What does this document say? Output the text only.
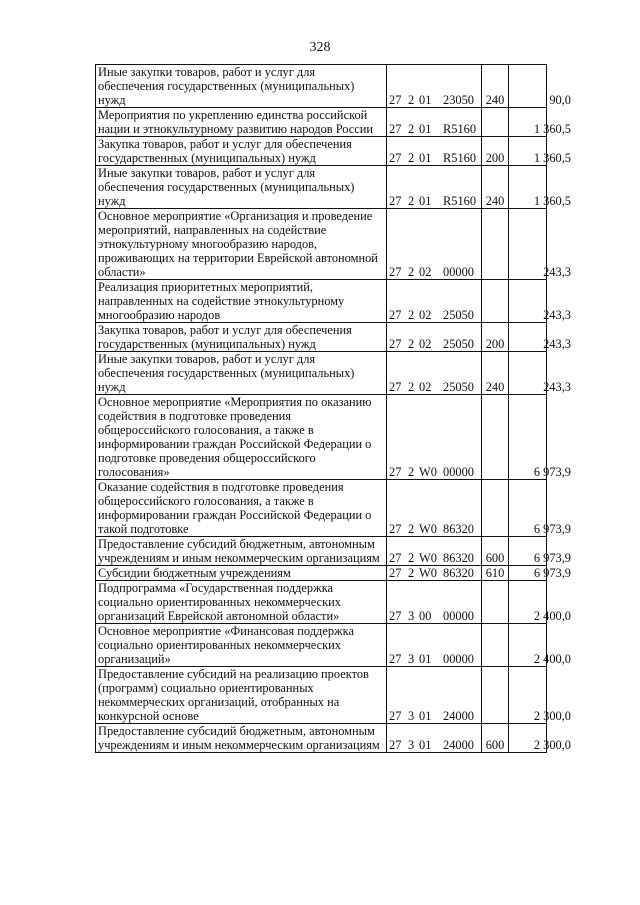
328
Иные закупки товаров, работ и услуг для обеспечения государственных (муниципальных) нужд	27 2 01 23050	240	90,0
Мероприятия по укреплению единства российской нации и этнокультурному развитию народов России	27 2 01 R5160		1 360,5
Закупка товаров, работ и услуг для обеспечения государственных (муниципальных) нужд	27 2 01 R5160	200	1 360,5
Иные закупки товаров, работ и услуг для обеспечения государственных (муниципальных) нужд	27 2 01 R5160	240	1 360,5
Основное мероприятие «Организация и проведение мероприятий, направленных на содействие этнокультурному многообразию народов, проживающих на территории Еврейской автономной области»	27 2 02 00000		243,3
Реализация приоритетных мероприятий, направленных на содействие этнокультурному многообразию народов	27 2 02 25050		243,3
Закупка товаров, работ и услуг для обеспечения государственных (муниципальных) нужд	27 2 02 25050	200	243,3
Иные закупки товаров, работ и услуг для обеспечения государственных (муниципальных) нужд	27 2 02 25050	240	243,3
Основное мероприятие «Мероприятия по оказанию содействия в подготовке проведения общероссийского голосования, а также в информировании граждан Российской Федерации о подготовке проведения общероссийского голосования»	27 2 W0 00000		6 973,9
Оказание содействия в подготовке проведения общероссийского голосования, а также в информировании граждан Российской Федерации о такой подготовке	27 2 W0 86320		6 973,9
Предоставление субсидий бюджетным, автономным учреждениям и иным некоммерческим организациям	27 2 W0 86320	600	6 973,9
Субсидии бюджетным учреждениям	27 2 W0 86320	610	6 973,9
Подпрограмма «Государственная поддержка социально ориентированных некоммерческих организаций Еврейской автономной области»	27 3 00 00000		2 400,0
Основное мероприятие «Финансовая поддержка социально ориентированных некоммерческих организаций»	27 3 01 00000		2 400,0
Предоставление субсидий на реализацию проектов (программ) социально ориентированных некоммерческих организаций, отобранных на конкурсной основе	27 3 01 24000		2 300,0
Предоставление субсидий бюджетным, автономным учреждениям и иным некоммерческим организациям	27 3 01 24000	600	2 300,0
